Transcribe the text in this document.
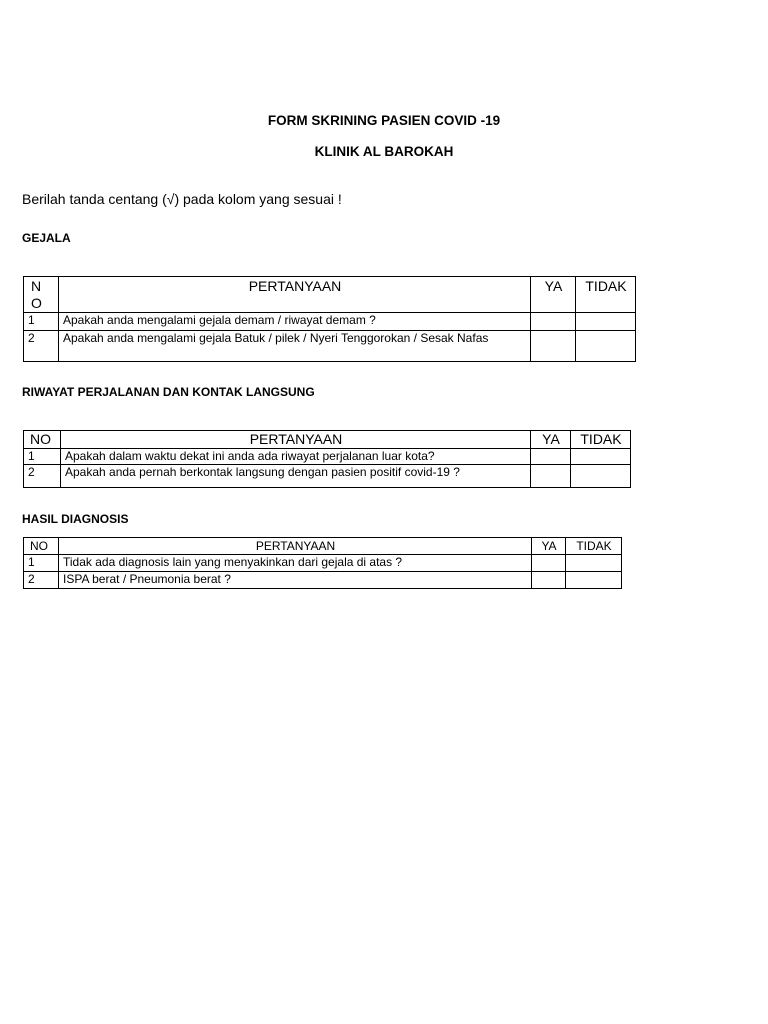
FORM SKRINING PASIEN COVID -19
KLINIK AL BAROKAH
Berilah tanda centang (√) pada kolom yang sesuai !
GEJALA
N O	PERTANYAAN	YA	TIDAK
1	Apakah anda mengalami gejala demam / riwayat demam ?		
2	Apakah anda mengalami gejala Batuk / pilek / Nyeri Tenggorokan / Sesak Nafas		
RIWAYAT PERJALANAN DAN KONTAK LANGSUNG
NO	PERTANYAAN	YA	TIDAK
1	Apakah dalam waktu dekat ini anda ada riwayat perjalanan luar kota?		
2	Apakah anda pernah berkontak langsung dengan pasien positif covid-19 ?		
HASIL DIAGNOSIS
NO	PERTANYAAN	YA	TIDAK
1	Tidak ada diagnosis lain yang menyakinkan dari gejala di atas ?		
2	ISPA berat / Pneumonia berat ?		
